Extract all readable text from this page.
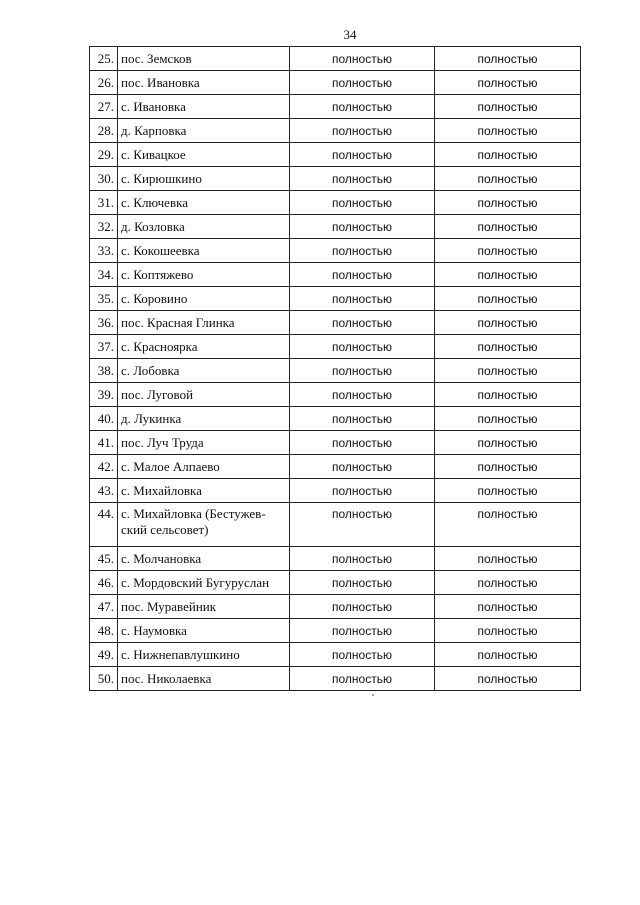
34
25.	пос. Земсков	полностью	полностью
26.	пос. Ивановка	полностью	полностью
27.	с. Ивановка	полностью	полностью
28.	д. Карповка	полностью	полностью
29.	с. Кивацкое	полностью	полностью
30.	с. Кирюшкино	полностью	полностью
31.	с. Ключевка	полностью	полностью
32.	д. Козловка	полностью	полностью
33.	с. Кокошеевка	полностью	полностью
34.	с. Коптяжево	полностью	полностью
35.	с. Коровино	полностью	полностью
36.	пос. Красная Глинка	полностью	полностью
37.	с. Красноярка	полностью	полностью
38.	с. Лобовка	полностью	полностью
39.	пос. Луговой	полностью	полностью
40.	д. Лукинка	полностью	полностью
41.	пос. Луч Труда	полностью	полностью
42.	с. Малое Алпаево	полностью	полностью
43.	с. Михайловка	полностью	полностью
44.	с. Михайловка (Бестужев-ский сельсовет)	полностью	полностью
45.	с. Молчановка	полностью	полностью
46.	с. Мордовский Бугуруслан	полностью	полностью
47.	пос. Муравейник	полностью	полностью
48.	с. Наумовка	полностью	полностью
49.	с. Нижнепавлушкино	полностью	полностью
50.	пос. Николаевка	полностью	полностью
